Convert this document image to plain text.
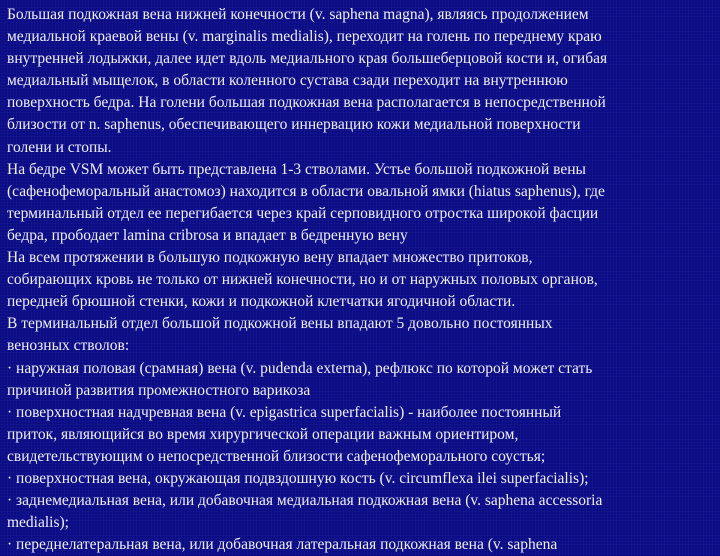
Большая подкожная вена нижней конечности (v. saphena magna), являясь продолжением
медиальной краевой вены (v. marginalis medialis), переходит на голень по переднему краю
внутренней лодыжки, далее идет вдоль медиального края большеберцовой кости и, огибая
медиальный мыщелок, в области коленного сустава сзади переходит на внутреннюю
поверхность бедра. На голени большая подкожная вена располагается в непосредственной
близости от n. saphenus, обеспечивающего иннервацию кожи медиальной поверхности
голени и стопы.
На бедре VSM может быть представлена 1-3 стволами. Устье большой подкожной вены
(сафенофеморальный анастомоз) находится в области овальной ямки (hiatus saphenus), где
терминальный отдел ее перегибается через край серповидного отростка широкой фасции
бедра, прободает lamina cribrosa и впадает в бедренную вену
На всем протяжении в большую подкожную вену впадает множество притоков,
собирающих кровь не только от нижней конечности, но и от наружных половых органов,
передней брюшной стенки, кожи и подкожной клетчатки ягодичной области.
В терминальный отдел большой подкожной вены впадают 5 довольно постоянных
венозных стволов:
· наружная половая (срамная) вена (v. pudenda externa), рефлюкс по которой может стать
причиной развития промежностного варикоза
· поверхностная надчревная вена (v. epigastrica superfacialis) - наиболее постоянный
приток, являющийся во время хирургической операции важным ориентиром,
свидетельствующим о непосредственной близости сафенофеморального соустья;
· поверхностная вена, окружающая подвздошную кость (v. circumflexa ilei superfacialis);
· заднемедиальная вена, или добавочная медиальная подкожная вена (v. saphena accessoria
medialis);
· переднелатеральная вена, или добавочная латеральная подкожная вена (v. saphena
